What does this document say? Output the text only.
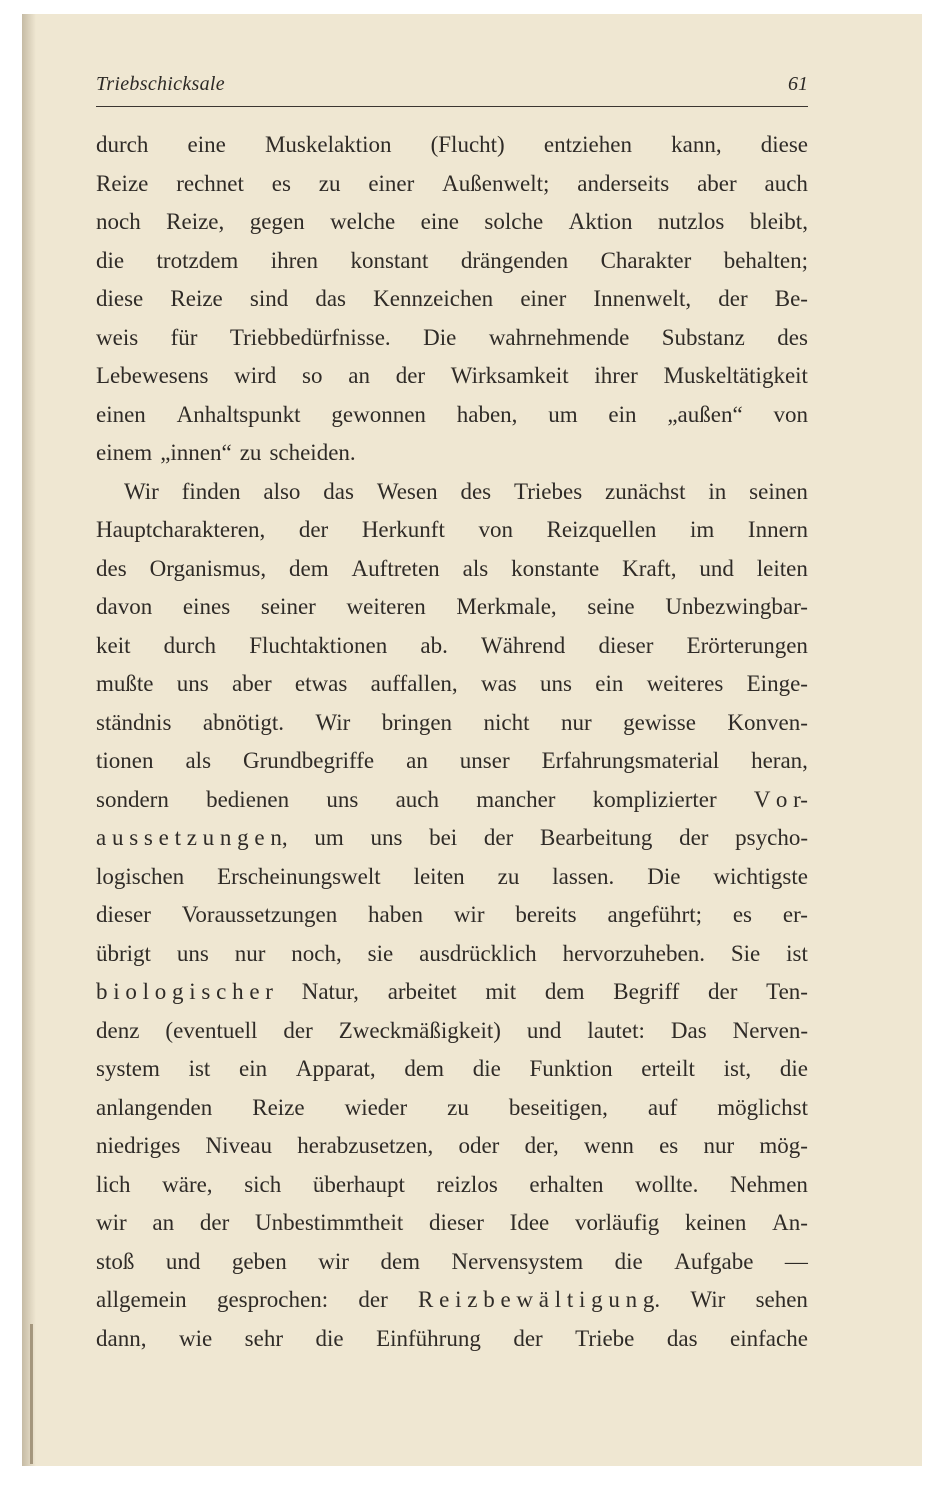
Triebschicksale	61
durch eine Muskelaktion (Flucht) entziehen kann, diese
Reize rechnet es zu einer Außenwelt; anderseits aber auch
noch Reize, gegen welche eine solche Aktion nutzlos bleibt,
die trotzdem ihren konstant drängenden Charakter behalten;
diese Reize sind das Kennzeichen einer Innenwelt, der Be-
weis für Triebbedürfnisse. Die wahrnehmende Substanz des
Lebewesens wird so an der Wirksamkeit ihrer Muskeltätigkeit
einen Anhaltspunkt gewonnen haben, um ein „außen“ von
einem „innen“ zu scheiden.
Wir finden also das Wesen des Triebes zunächst in seinen
Hauptcharakteren, der Herkunft von Reizquellen im Innern
des Organismus, dem Auftreten als konstante Kraft, und leiten
davon eines seiner weiteren Merkmale, seine Unbezwingbar-
keit durch Fluchtaktionen ab. Während dieser Erörterungen
mußte uns aber etwas auffallen, was uns ein weiteres Einge-
ständnis abnötigt. Wir bringen nicht nur gewisse Konven-
tionen als Grundbegriffe an unser Erfahrungsmaterial heran,
sondern bedienen uns auch mancher komplizierter V o r-
a u s s e t z u n g e n, um uns bei der Bearbeitung der psycho-
logischen Erscheinungswelt leiten zu lassen. Die wichtigste
dieser Voraussetzungen haben wir bereits angeführt; es er-
übrigt uns nur noch, sie ausdrücklich hervorzuheben. Sie ist
b i o l o g i s c h e r Natur, arbeitet mit dem Begriff der Ten-
denz (eventuell der Zweckmäßigkeit) und lautet: Das Nerven-
system ist ein Apparat, dem die Funktion erteilt ist, die
anlangenden Reize wieder zu beseitigen, auf möglichst
niedriges Niveau herabzusetzen, oder der, wenn es nur mög-
lich wäre, sich überhaupt reizlos erhalten wollte. Nehmen
wir an der Unbestimmtheit dieser Idee vorläufig keinen An-
stoß und geben wir dem Nervensystem die Aufgabe —
allgemein gesprochen: der R e i z b e w ä l t i g u n g. Wir sehen
dann, wie sehr die Einführung der Triebe das einfache
